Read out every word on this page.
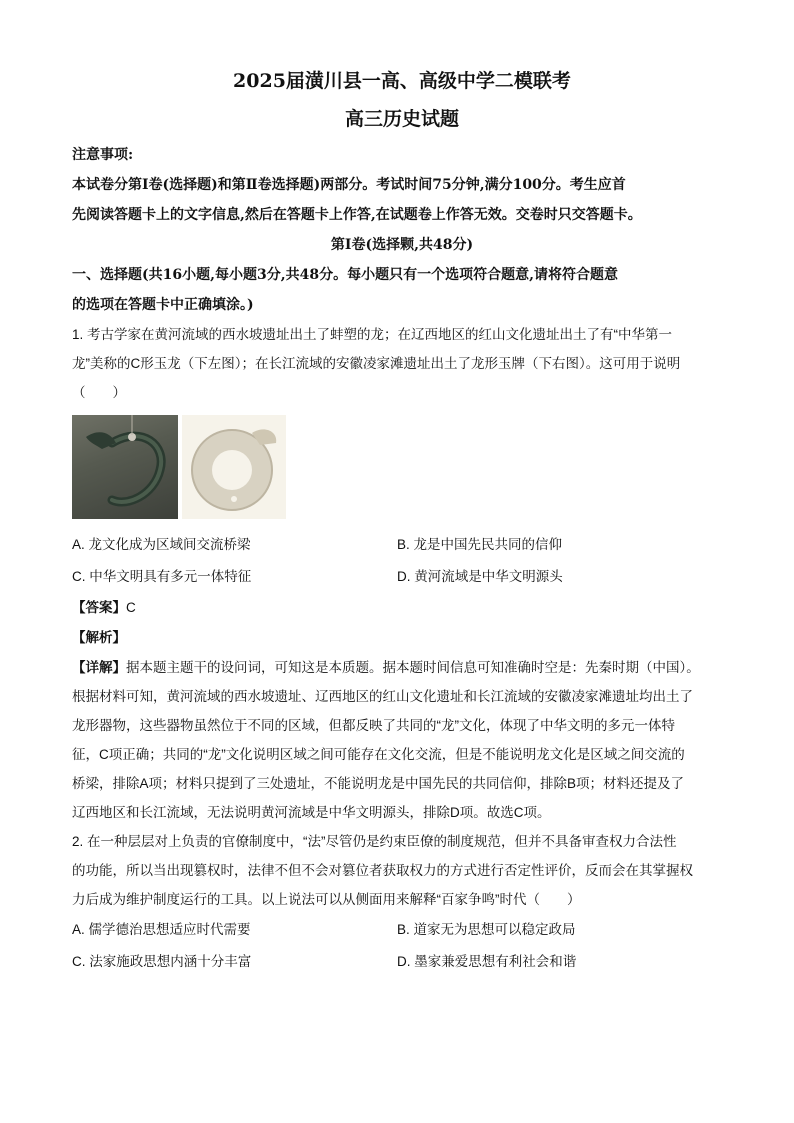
2025届潢川县一高、高级中学二模联考

高三历史试题

注意事项:

本试卷分第Ⅰ卷(选择题)和第Ⅱ卷选择题)两部分。考试时间75分钟,满分100分。考生应首

先阅读答题卡上的文字信息,然后在答题卡上作答,在试题卷上作答无效。交卷时只交答题卡。

第Ⅰ卷(选择颗,共48分)

一、选择题(共16小题,每小题3分,共48分。每小题只有一个选项符合题意,请将符合题意

的选项在答题卡中正确填涂。)

1. 考古学家在黄河流域的西水坡遗址出土了蚌塑的龙；在辽西地区的红山文化遗址出土了有“中华第一

龙”美称的C形玉龙（下左图）；在长江流域的安徽凌家滩遗址出土了龙形玉牌（下右图）。这可用于说明

（　　）

A. 龙文化成为区域间交流桥梁	B. 龙是中国先民共同的信仰
C. 中华文明具有多元一体特征	D. 黄河流域是中华文明源头

【答案】C

【解析】

【详解】据本题主题干的设问词，可知这是本质题。据本题时间信息可知准确时空是：先秦时期（中国）。

根据材料可知，黄河流域的西水坡遗址、辽西地区的红山文化遗址和长江流域的安徽凌家滩遗址均出土了

龙形器物，这些器物虽然位于不同的区域，但都反映了共同的“龙”文化，体现了中华文明的多元一体特

征，C项正确；共同的“龙”文化说明区域之间可能存在文化交流，但是不能说明龙文化是区域之间交流的

桥梁，排除A项；材料只提到了三处遗址，不能说明龙是中国先民的共同信仰，排除B项；材料还提及了

辽西地区和长江流域，无法说明黄河流域是中华文明源头，排除D项。故选C项。

2. 在一种层层对上负责的官僚制度中，“法”尽管仍是约束臣僚的制度规范，但并不具备审查权力合法性

的功能，所以当出现篡权时，法律不但不会对篡位者获取权力的方式进行否定性评价，反而会在其掌握权

力后成为维护制度运行的工具。以上说法可以从侧面用来解释“百家争鸣”时代（　　）

A. 儒学德治思想适应时代需要	B. 道家无为思想可以稳定政局
C. 法家施政思想内涵十分丰富	D. 墨家兼爱思想有利社会和谐
